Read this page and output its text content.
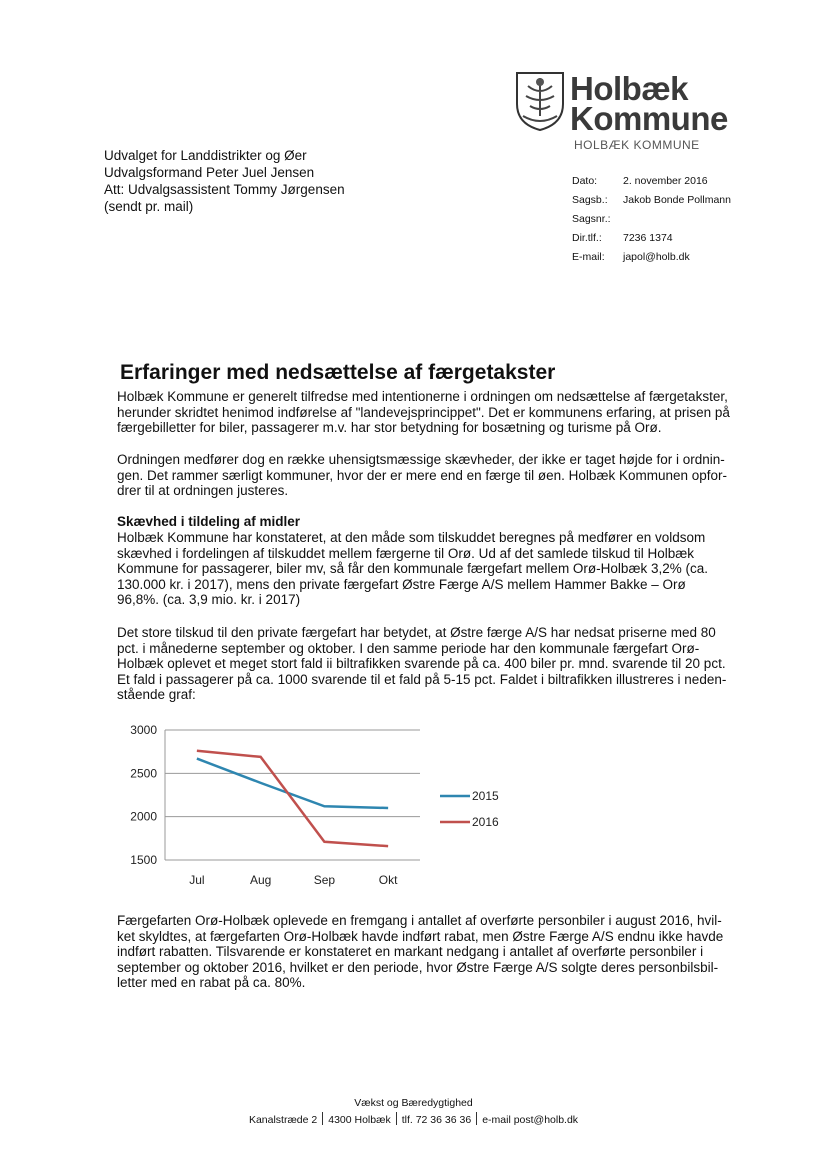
Holbæk
Kommune
HOLBÆK KOMMUNE
Udvalget for Landdistrikter og Øer
Udvalgsformand Peter Juel Jensen
Att: Udvalgsassistent Tommy Jørgensen
(sendt pr. mail)
Dato:	2. november 2016
Sagsb.:	Jakob Bonde Pollmann
Sagsnr.:
Dir.tlf.:	7236 1374
E-mail:	japol@holb.dk
Erfaringer med nedsættelse af færgetakster
Holbæk Kommune er generelt tilfredse med intentionerne i ordningen om nedsættelse af færgetakster,
herunder skridtet henimod indførelse af "landevejsprincippet". Det er kommunens erfaring, at prisen på
færgebilletter for biler, passagerer m.v. har stor betydning for bosætning og turisme på Orø.
Ordningen medfører dog en række uhensigtsmæssige skævheder, der ikke er taget højde for i ordnin-
gen. Det rammer særligt kommuner, hvor der er mere end en færge til øen. Holbæk Kommunen opfor-
drer til at ordningen justeres.
Skævhed i tildeling af midler
Holbæk Kommune har konstateret, at den måde som tilskuddet beregnes på medfører en voldsom
skævhed i fordelingen af tilskuddet mellem færgerne til Orø. Ud af det samlede tilskud til Holbæk
Kommune for passagerer, biler mv, så får den kommunale færgefart mellem Orø-Holbæk 3,2% (ca.
130.000 kr. i 2017), mens den private færgefart Østre Færge A/S mellem Hammer Bakke – Orø
96,8%. (ca. 3,9 mio. kr. i 2017)
Det store tilskud til den private færgefart har betydet, at Østre færge A/S har nedsat priserne med 80
pct. i månederne september og oktober. I den samme periode har den kommunale færgefart Orø-
Holbæk oplevet et meget stort fald ii biltrafikken svarende på ca. 400 biler pr. mnd. svarende til 20 pct.
Et fald i passagerer på ca. 1000 svarende til et fald på 5-15 pct. Faldet i biltrafikken illustreres i neden-
stående graf:
1500
2000
2500
3000
Jul	Aug	Sep	Okt
2015
2016
Færgefarten Orø-Holbæk oplevede en fremgang i antallet af overførte personbiler i august 2016, hvil-
ket skyldtes, at færgefarten Orø-Holbæk havde indført rabat, men Østre Færge A/S endnu ikke havde
indført rabatten. Tilsvarende er konstateret en markant nedgang i antallet af overførte personbiler i
september og oktober 2016, hvilket er den periode, hvor Østre Færge A/S solgte deres personbilsbil-
letter med en rabat på ca. 80%.
Vækst og Bæredygtighed
Kanalstræde 2 4300 Holbæk tlf. 72 36 36 36 e-mail post@holb.dk
